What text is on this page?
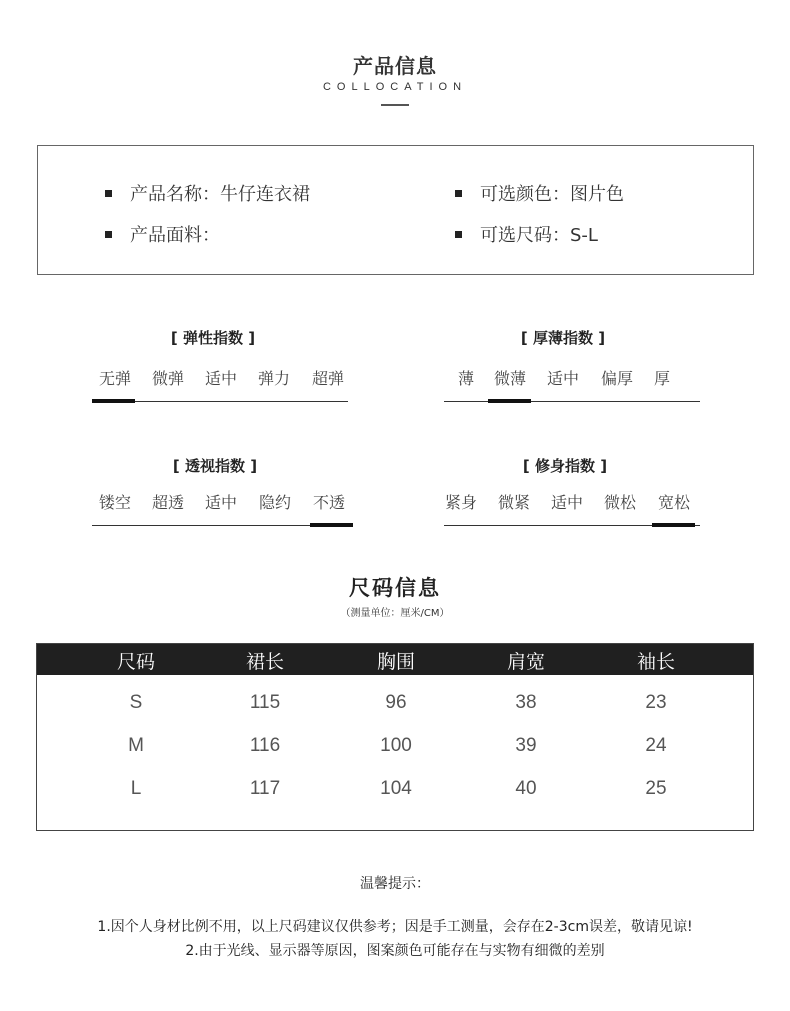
产品信息
COLLOCATION
产品名称：牛仔连衣裙
产品面料：
可选颜色：图片色
可选尺码：S-L
[ 弹性指数 ]
无弹	微弹	适中	弹力	超弹
[ 厚薄指数 ]
薄	微薄	适中	偏厚	厚
[ 透视指数 ]
镂空	超透	适中	隐约	不透
[ 修身指数 ]
紧身	微紧	适中	微松	宽松
尺码信息
（测量单位：厘米/CM）
尺码	裙长	胸围	肩宽	袖长
S	115	96	38	23
M	116	100	39	24
L	117	104	40	25
温馨提示：
1.因个人身材比例不用，以上尺码建议仅供参考；因是手工测量，会存在2-3cm误差，敬请见谅!
2.由于光线、显示器等原因，图案颜色可能存在与实物有细微的差别
